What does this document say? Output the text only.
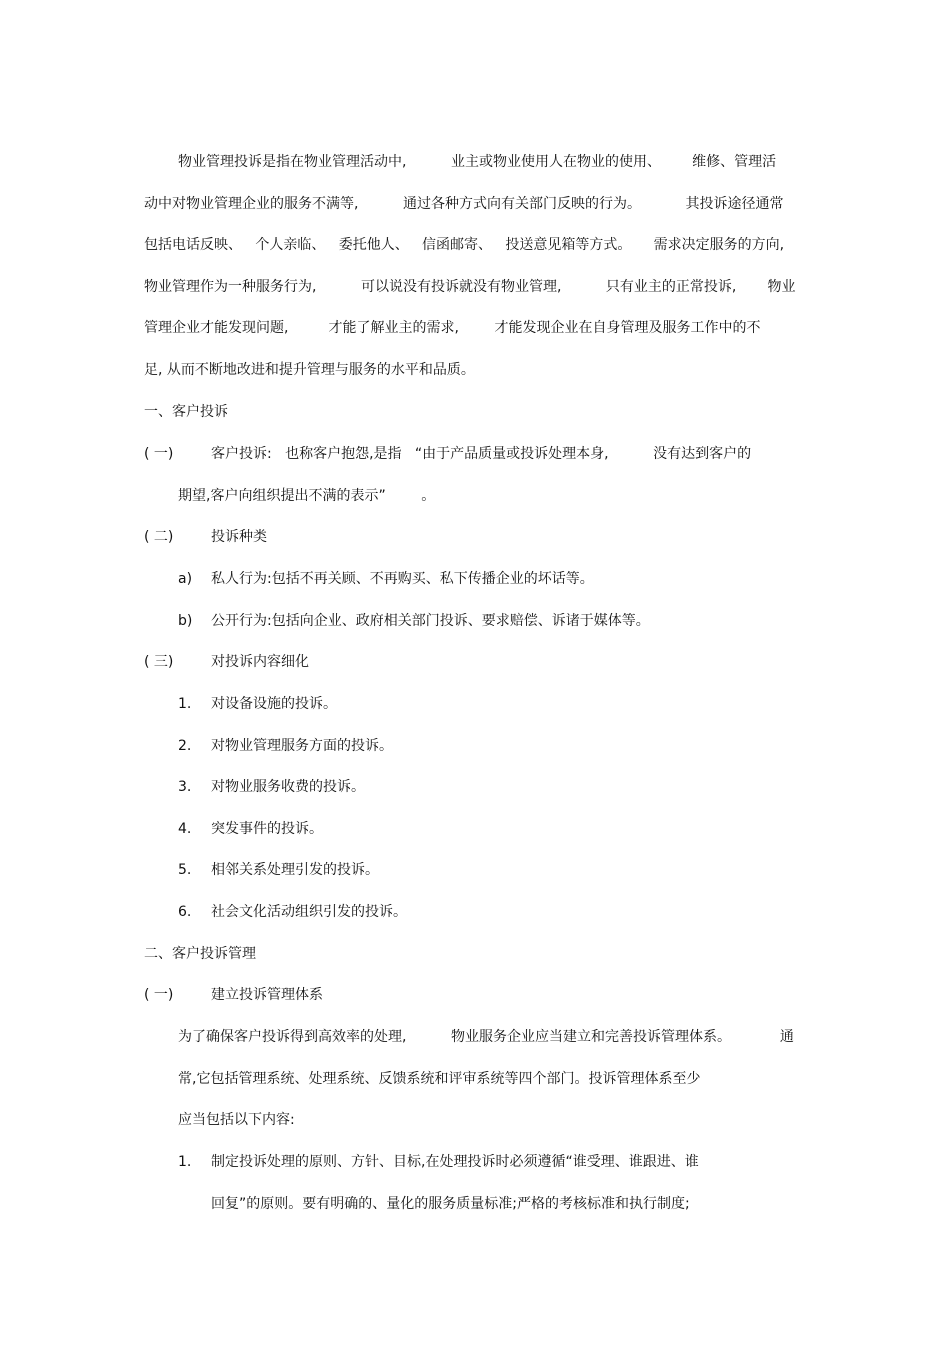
物业管理投诉是指在物业管理活动中,          业主或物业使用人在物业的使用、       维修、管理活
动中对物业管理企业的服务不满等,          通过各种方式向有关部门反映的行为。          其投诉途径通常
包括电话反映、   个人亲临、   委托他人、   信函邮寄、   投送意见箱等方式。     需求决定服务的方向,
物业管理作为一种服务行为,          可以说没有投诉就没有物业管理,          只有业主的正常投诉,       物业
管理企业才能发现问题,         才能了解业主的需求,        才能发现企业在自身管理及服务工作中的不
足, 从而不断地改进和提升管理与服务的水平和品质。
一、客户投诉
( 一)	客户投诉:   也称客户抱怨,是指   “由于产品质量或投诉处理本身,          没有达到客户的
期望,客户向组织提出不满的表示”        。
( 二)	投诉种类
a) 私人行为:包括不再关顾、不再购买、私下传播企业的坏话等。
b) 公开行为:包括向企业、政府相关部门投诉、要求赔偿、诉诸于媒体等。
( 三)	对投诉内容细化
1. 对设备设施的投诉。
2. 对物业管理服务方面的投诉。
3. 对物业服务收费的投诉。
4. 突发事件的投诉。
5. 相邻关系处理引发的投诉。
6. 社会文化活动组织引发的投诉。
二、客户投诉管理
( 一)	建立投诉管理体系
为了确保客户投诉得到高效率的处理,          物业服务企业应当建立和完善投诉管理体系。           通
常,它包括管理系统、处理系统、反馈系统和评审系统等四个部门。投诉管理体系至少
应当包括以下内容:
1. 制定投诉处理的原则、方针、目标,在处理投诉时必须遵循“谁受理、谁跟进、谁
回复”的原则。要有明确的、量化的服务质量标准;严格的考核标准和执行制度;
